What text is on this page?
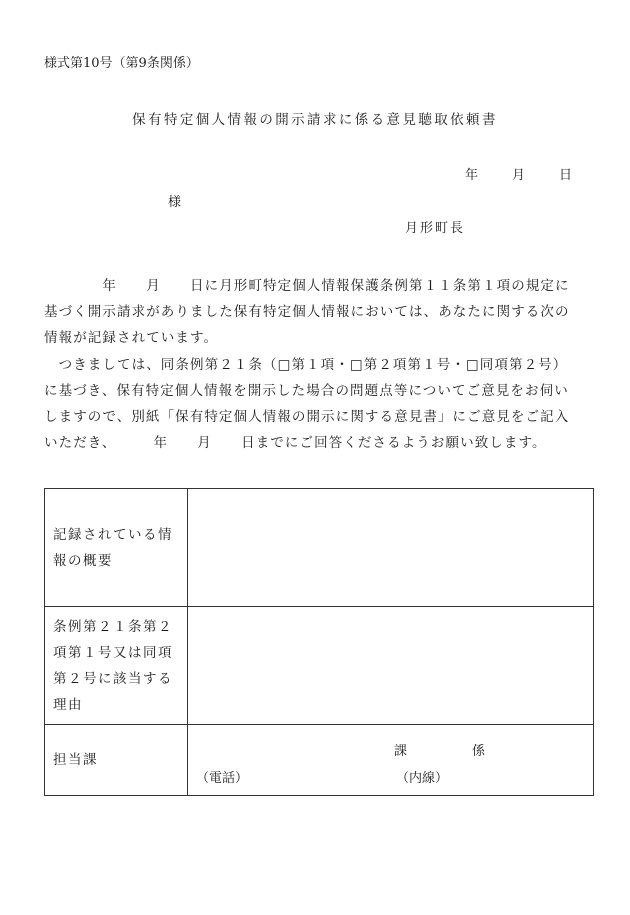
様式第10号（第9条関係）
保有特定個人情報の開示請求に係る意見聴取依頼書
年	月	日
様
月形町長
　　　　年　　月　　日に月形町特定個人情報保護条例第１１条第１項の規定に
基づく開示請求がありました保有特定個人情報においては、あなたに関する次の
情報が記録されています。
　つきましては、同条例第２１条（□第１項・□第２項第１号・□同項第２号）
に基づき、保有特定個人情報を開示した場合の問題点等についてご意見をお伺い
しますので、別紙「保有特定個人情報の開示に関する意見書」にご意見をご記入
いただき、　　　年　　月　　日までにご回答くださるようお願い致します。
記録されている情
報の概要	

条例第２１条第２
項第１号又は同項
第２号に該当する
理由	

担当課	課 係
（電話） （内線）
